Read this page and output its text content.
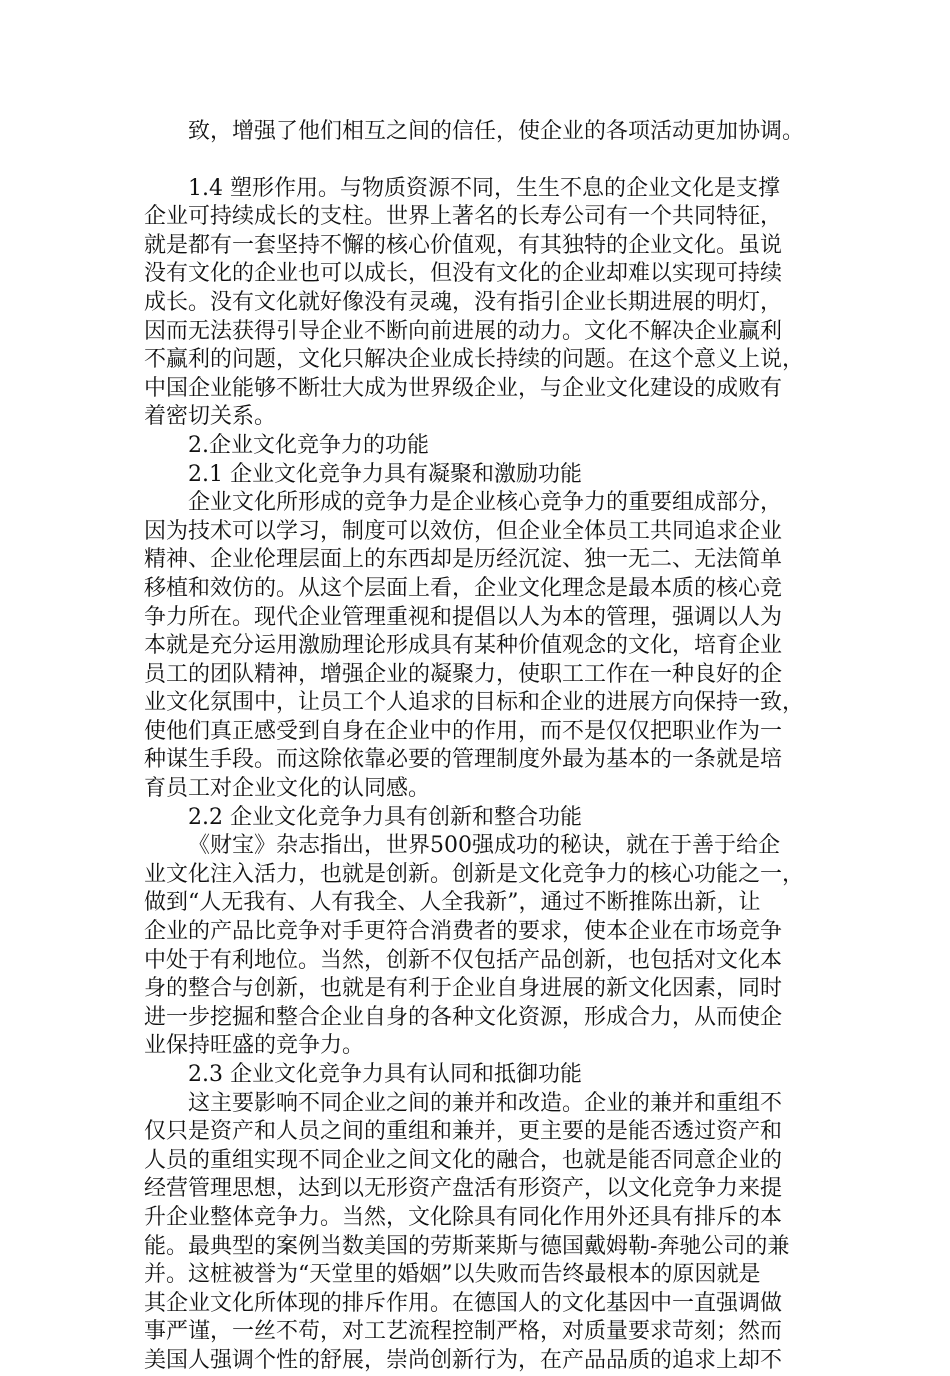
致，增强了他们相互之间的信任，使企业的各项活动更加协调。
1.4 塑形作用。与物质资源不同，生生不息的企业文化是支撑
企业可持续成长的支柱。世界上著名的长寿公司有一个共同特征，
就是都有一套坚持不懈的核心价值观，有其独特的企业文化。虽说
没有文化的企业也可以成长，但没有文化的企业却难以实现可持续
成长。没有文化就好像没有灵魂，没有指引企业长期进展的明灯，
因而无法获得引导企业不断向前进展的动力。文化不解决企业赢利
不赢利的问题，文化只解决企业成长持续的问题。在这个意义上说，
中国企业能够不断壮大成为世界级企业，与企业文化建设的成败有
着密切关系。
2.企业文化竞争力的功能
2.1 企业文化竞争力具有凝聚和激励功能
企业文化所形成的竞争力是企业核心竞争力的重要组成部分，
因为技术可以学习，制度可以效仿，但企业全体员工共同追求企业
精神、企业伦理层面上的东西却是历经沉淀、独一无二、无法简单
移植和效仿的。从这个层面上看，企业文化理念是最本质的核心竞
争力所在。现代企业管理重视和提倡以人为本的管理，强调以人为
本就是充分运用激励理论形成具有某种价值观念的文化，培育企业
员工的团队精神，增强企业的凝聚力，使职工工作在一种良好的企
业文化氛围中，让员工个人追求的目标和企业的进展方向保持一致，
使他们真正感受到自身在企业中的作用，而不是仅仅把职业作为一
种谋生手段。而这除依靠必要的管理制度外最为基本的一条就是培
育员工对企业文化的认同感。
2.2 企业文化竞争力具有创新和整合功能
《财宝》杂志指出，世界500强成功的秘诀，就在于善于给企
业文化注入活力，也就是创新。创新是文化竞争力的核心功能之一，
做到“人无我有、人有我全、人全我新”，通过不断推陈出新，让
企业的产品比竞争对手更符合消费者的要求，使本企业在市场竞争
中处于有利地位。当然，创新不仅包括产品创新，也包括对文化本
身的整合与创新，也就是有利于企业自身进展的新文化因素，同时
进一步挖掘和整合企业自身的各种文化资源，形成合力，从而使企
业保持旺盛的竞争力。
2.3 企业文化竞争力具有认同和抵御功能
这主要影响不同企业之间的兼并和改造。企业的兼并和重组不
仅只是资产和人员之间的重组和兼并，更主要的是能否透过资产和
人员的重组实现不同企业之间文化的融合，也就是能否同意企业的
经营管理思想，达到以无形资产盘活有形资产，以文化竞争力来提
升企业整体竞争力。当然，文化除具有同化作用外还具有排斥的本
能。最典型的案例当数美国的劳斯莱斯与德国戴姆勒-奔驰公司的兼
并。这桩被誉为“天堂里的婚姻”以失败而告终最根本的原因就是
其企业文化所体现的排斥作用。在德国人的文化基因中一直强调做
事严谨，一丝不苟，对工艺流程控制严格，对质量要求苛刻；然而
美国人强调个性的舒展，崇尚创新行为，在产品品质的追求上却不
